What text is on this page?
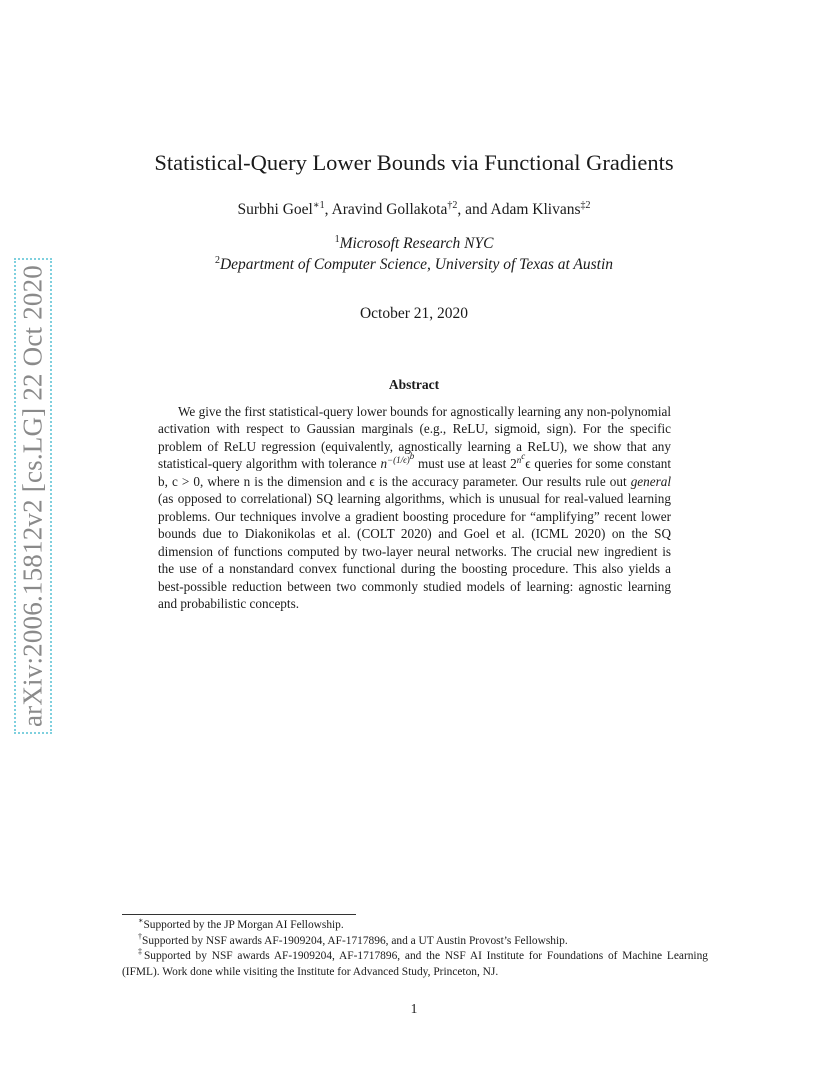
arXiv:2006.15812v2 [cs.LG] 22 Oct 2020
Statistical-Query Lower Bounds via Functional Gradients
Surbhi Goel$^{∗1}$, Aravind Gollakota$^{\dagger 2}$, and Adam Klivans$^{\ddagger 2}$
$^1$Microsoft Research NYC
$^2$Department of Computer Science, University of Texas at Austin
October 21, 2020
Abstract
We give the first statistical-query lower bounds for agnostically learning any non-polynomial activation with respect to Gaussian marginals (e.g., ReLU, sigmoid, sign). For the specific problem of ReLU regression (equivalently, agnostically learning a ReLU), we show that any statistical-query algorithm with tolerance $n^{-(1/\epsilon)^b}$ must use at least $2^{n^c}\epsilon$ queries for some constant b, c > 0, where n is the dimension and ϵ is the accuracy parameter. Our results rule out general (as opposed to correlational) SQ learning algorithms, which is unusual for real-valued learning problems. Our techniques involve a gradient boosting procedure for “amplifying” recent lower bounds due to Diakonikolas et al. (COLT 2020) and Goel et al. (ICML 2020) on the SQ dimension of functions computed by two-layer neural networks. The crucial new ingredient is the use of a nonstandard convex functional during the boosting procedure. This also yields a best-possible reduction between two commonly studied models of learning: agnostic learning and probabilistic concepts.
∗Supported by the JP Morgan AI Fellowship.
†Supported by NSF awards AF-1909204, AF-1717896, and a UT Austin Provost’s Fellowship.
‡Supported by NSF awards AF-1909204, AF-1717896, and the NSF AI Institute for Foundations of Machine Learning (IFML). Work done while visiting the Institute for Advanced Study, Princeton, NJ.
1
